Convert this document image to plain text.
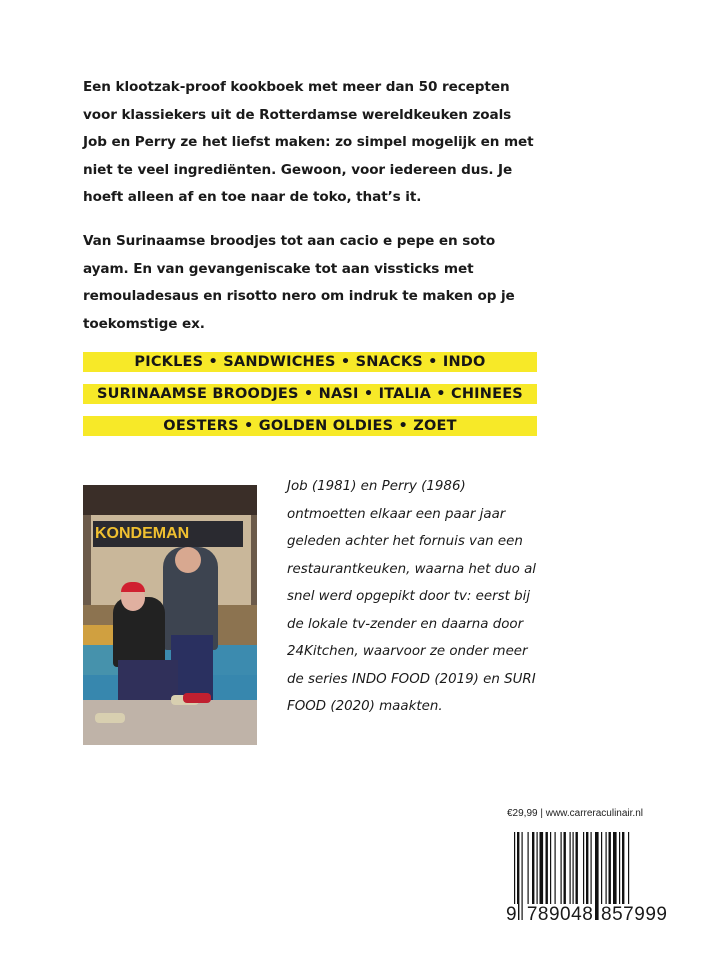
Een klootzak-proof kookboek met meer dan 50 recepten voor klassiekers uit de Rotterdamse wereldkeuken zoals Job en Perry ze het liefst maken: zo simpel mogelijk en met niet te veel ingrediënten. Gewoon, voor iedereen dus. Je hoeft alleen af en toe naar de toko, that’s it.

Van Surinaamse broodjes tot aan cacio e pepe en soto ayam. En van gevangeniscake tot aan vissticks met remouladesaus en risotto nero om indruk te maken op je toekomstige ex.

PICKLES • SANDWICHES • SNACKS • INDO
SURINAAMSE BROODJES • NASI • ITALIA • CHINEES
OESTERS • GOLDEN OLDIES • ZOET
KONDEMAN

Job (1981) en Perry (1986) ontmoetten elkaar een paar jaar geleden achter het fornuis van een restaurantkeuken, waarna het duo al snel werd opgepikt door tv: eerst bij de lokale tv-zender en daarna door 24Kitchen, waarvoor ze onder meer de series INDO FOOD (2019) en SURI FOOD (2020) maakten.

€29,99 | www.carreraculinair.nl
9 789048 857999
